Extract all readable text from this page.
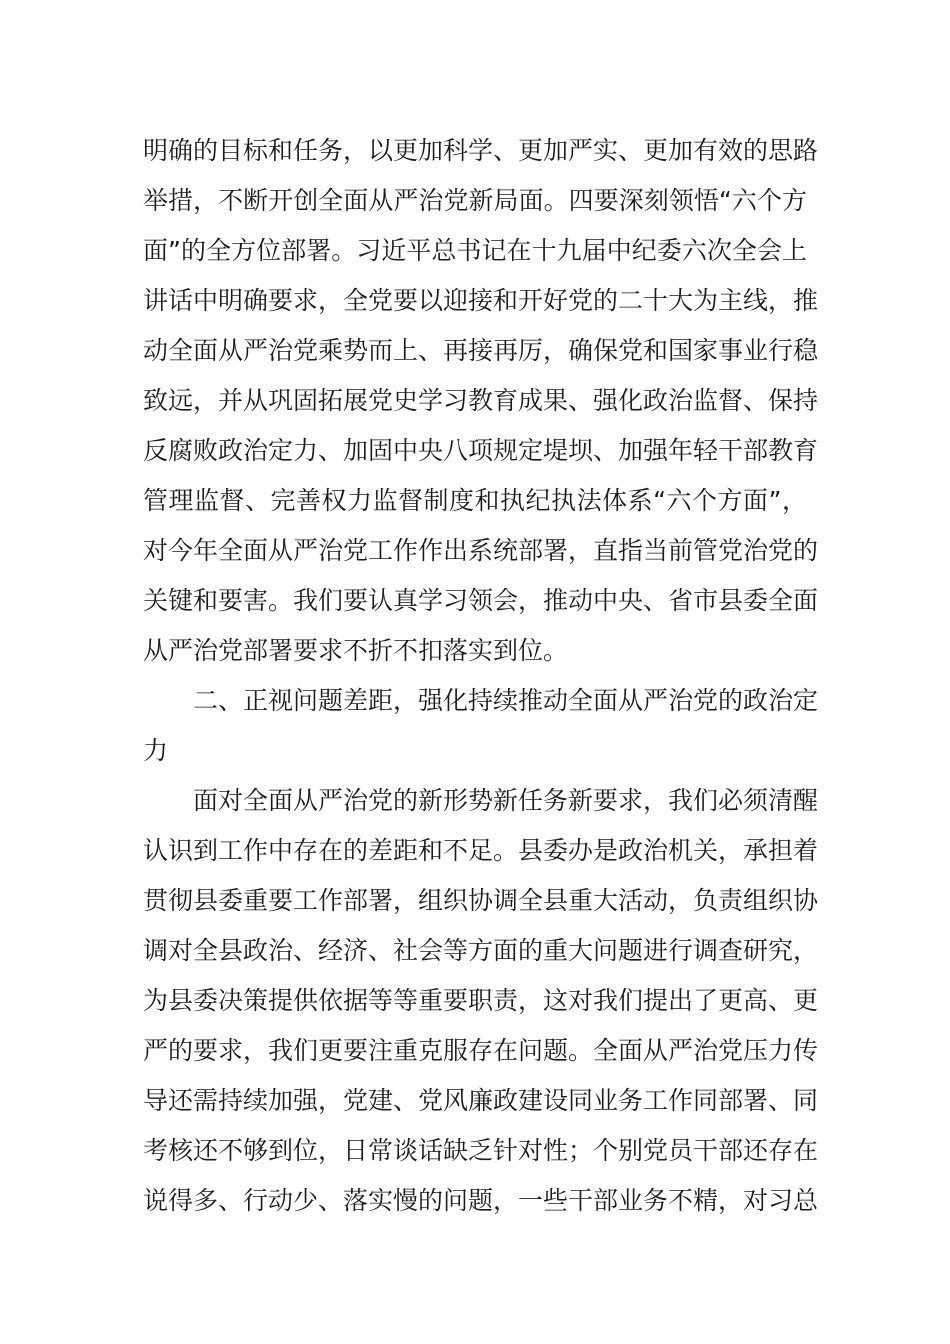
明确的目标和任务，以更加科学、更加严实、更加有效的思路
举措，不断开创全面从严治党新局面。四要深刻领悟“六个方
面”的全方位部署。习近平总书记在十九届中纪委六次全会上
讲话中明确要求，全党要以迎接和开好党的二十大为主线，推
动全面从严治党乘势而上、再接再厉，确保党和国家事业行稳
致远，并从巩固拓展党史学习教育成果、强化政治监督、保持
反腐败政治定力、加固中央八项规定堤坝、加强年轻干部教育
管理监督、完善权力监督制度和执纪执法体系“六个方面”，
对今年全面从严治党工作作出系统部署，直指当前管党治党的
关键和要害。我们要认真学习领会，推动中央、省市县委全面
从严治党部署要求不折不扣落实到位。
二、正视问题差距，强化持续推动全面从严治党的政治定
力
面对全面从严治党的新形势新任务新要求，我们必须清醒
认识到工作中存在的差距和不足。县委办是政治机关，承担着
贯彻县委重要工作部署，组织协调全县重大活动，负责组织协
调对全县政治、经济、社会等方面的重大问题进行调查研究，
为县委决策提供依据等等重要职责，这对我们提出了更高、更
严的要求，我们更要注重克服存在问题。全面从严治党压力传
导还需持续加强，党建、党风廉政建设同业务工作同部署、同
考核还不够到位，日常谈话缺乏针对性；个别党员干部还存在
说得多、行动少、落实慢的问题，一些干部业务不精，对习总
